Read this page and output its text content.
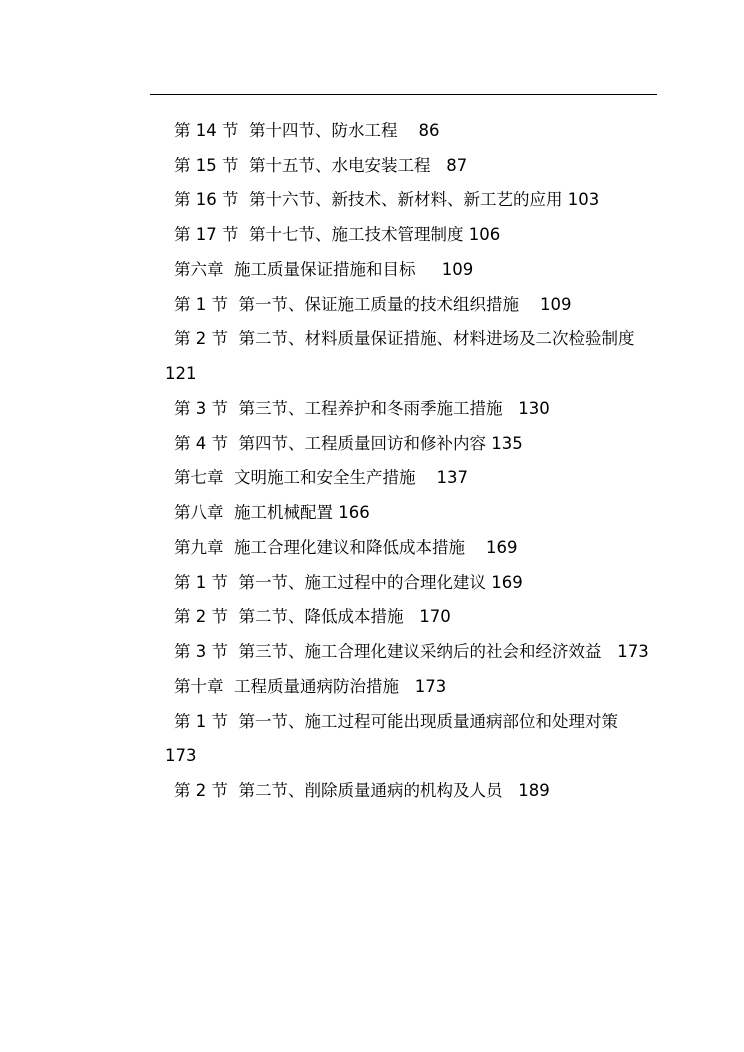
第 14 节  第十四节、防水工程    86
第 15 节  第十五节、水电安装工程   87
第 16 节  第十六节、新技术、新材料、新工艺的应用 103
第 17 节  第十七节、施工技术管理制度 106
第六章  施工质量保证措施和目标     109
第 1 节  第一节、保证施工质量的技术组织措施    109
第 2 节  第二节、材料质量保证措施、材料进场及二次检验制度
121
第 3 节  第三节、工程养护和冬雨季施工措施   130
第 4 节  第四节、工程质量回访和修补内容 135
第七章  文明施工和安全生产措施    137
第八章  施工机械配置 166
第九章  施工合理化建议和降低成本措施    169
第 1 节  第一节、施工过程中的合理化建议 169
第 2 节  第二节、降低成本措施   170
第 3 节  第三节、施工合理化建议采纳后的社会和经济效益   173
第十章  工程质量通病防治措施   173
第 1 节  第一节、施工过程可能出现质量通病部位和处理对策
173
第 2 节  第二节、削除质量通病的机构及人员   189
